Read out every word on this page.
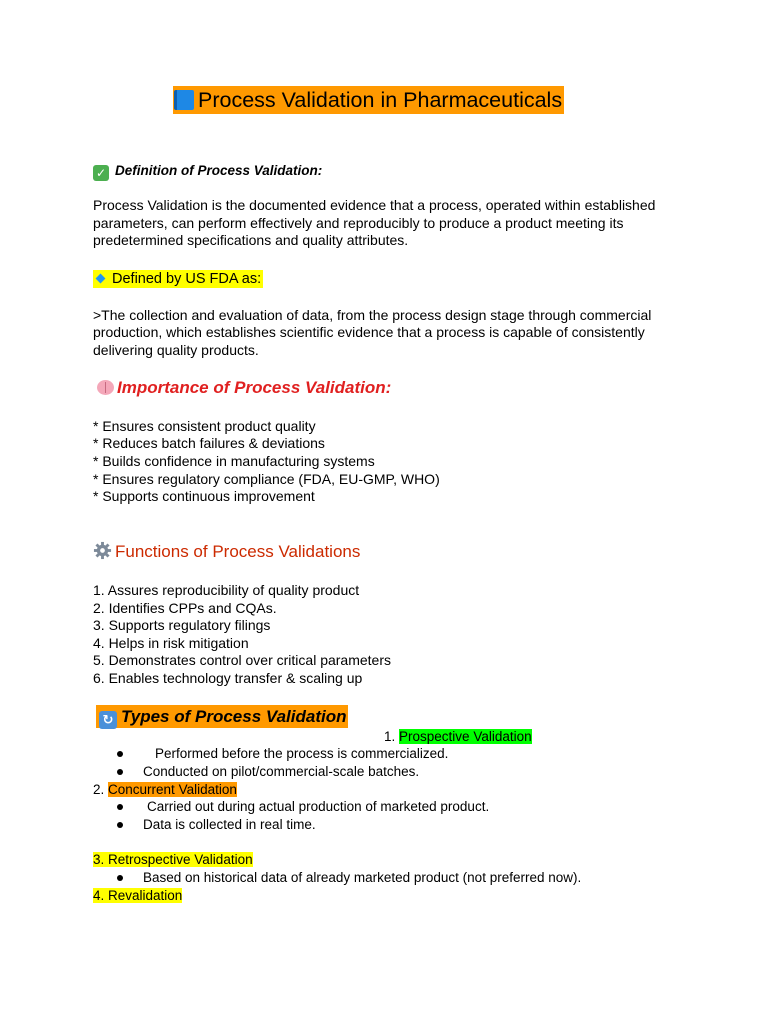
Process Validation in Pharmaceuticals
✓ Definition of Process Validation:
Process Validation is the documented evidence that a process, operated within established
parameters, can perform effectively and reproducibly to produce a product meeting its
predetermined specifications and quality attributes.
Defined by US FDA as:
>The collection and evaluation of data, from the process design stage through commercial
production, which establishes scientific evidence that a process is capable of consistently
delivering quality products.
Importance of Process Validation:
* Ensures consistent product quality
* Reduces batch failures & deviations
* Builds confidence in manufacturing systems
* Ensures regulatory compliance (FDA, EU-GMP, WHO)
* Supports continuous improvement
Functions of Process Validations
1. Assures reproducibility of quality product
2. Identifies CPPs and CQAs.
3. Supports regulatory filings
4. Helps in risk mitigation
5. Demonstrates control over critical parameters
6. Enables technology transfer & scaling up
↻ Types of Process Validation
1. Prospective Validation
Performed before the process is commercialized.
Conducted on pilot/commercial-scale batches.
2. Concurrent Validation
Carried out during actual production of marketed product.
Data is collected in real time.
3. Retrospective Validation
Based on historical data of already marketed product (not preferred now).
4. Revalidation
